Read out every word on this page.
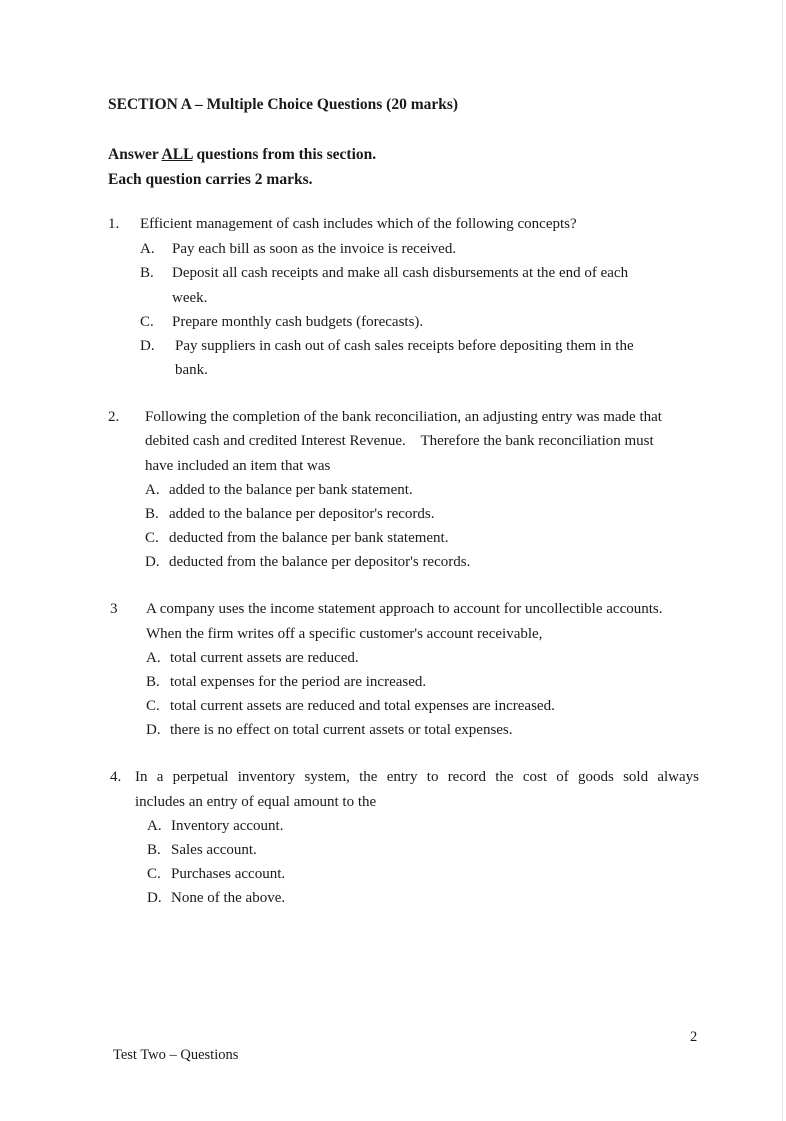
SECTION A – Multiple Choice Questions (20 marks)
Answer ALL questions from this section.
Each question carries 2 marks.
1. Efficient management of cash includes which of the following concepts?
A. Pay each bill as soon as the invoice is received.
B. Deposit all cash receipts and make all cash disbursements at the end of each
week.
C. Prepare monthly cash budgets (forecasts).
D. Pay suppliers in cash out of cash sales receipts before depositing them in the
bank.
2. Following the completion of the bank reconciliation, an adjusting entry was made that
debited cash and credited Interest Revenue.    Therefore the bank reconciliation must
have included an item that was
A. added to the balance per bank statement.
B. added to the balance per depositor's records.
C. deducted from the balance per bank statement.
D. deducted from the balance per depositor's records.
3 A company uses the income statement approach to account for uncollectible accounts.
When the firm writes off a specific customer's account receivable,
A. total current assets are reduced.
B. total expenses for the period are increased.
C. total current assets are reduced and total expenses are increased.
D. there is no effect on total current assets or total expenses.
4. In a perpetual inventory system, the entry to record the cost of goods sold always
includes an entry of equal amount to the
A. Inventory account.
B. Sales account.
C. Purchases account.
D. None of the above.
2
Test Two – Questions
